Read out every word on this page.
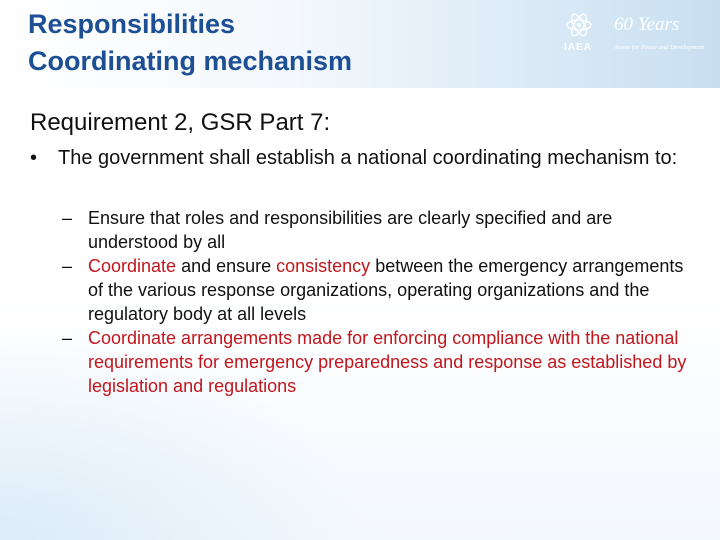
Responsibilities
Coordinating mechanism	IAEA
60 Years
Atoms for Peace and Development
Requirement 2, GSR Part 7:
•	The government shall establish a national coordinating mechanism to:

– Ensure that roles and responsibilities are clearly specified and are understood by all

– Coordinate and ensure consistency between the emergency arrangements of the various response organizations, operating organizations and the regulatory body at all levels

– Coordinate arrangements made for enforcing compliance with the national requirements for emergency preparedness and response as established by legislation and regulations
